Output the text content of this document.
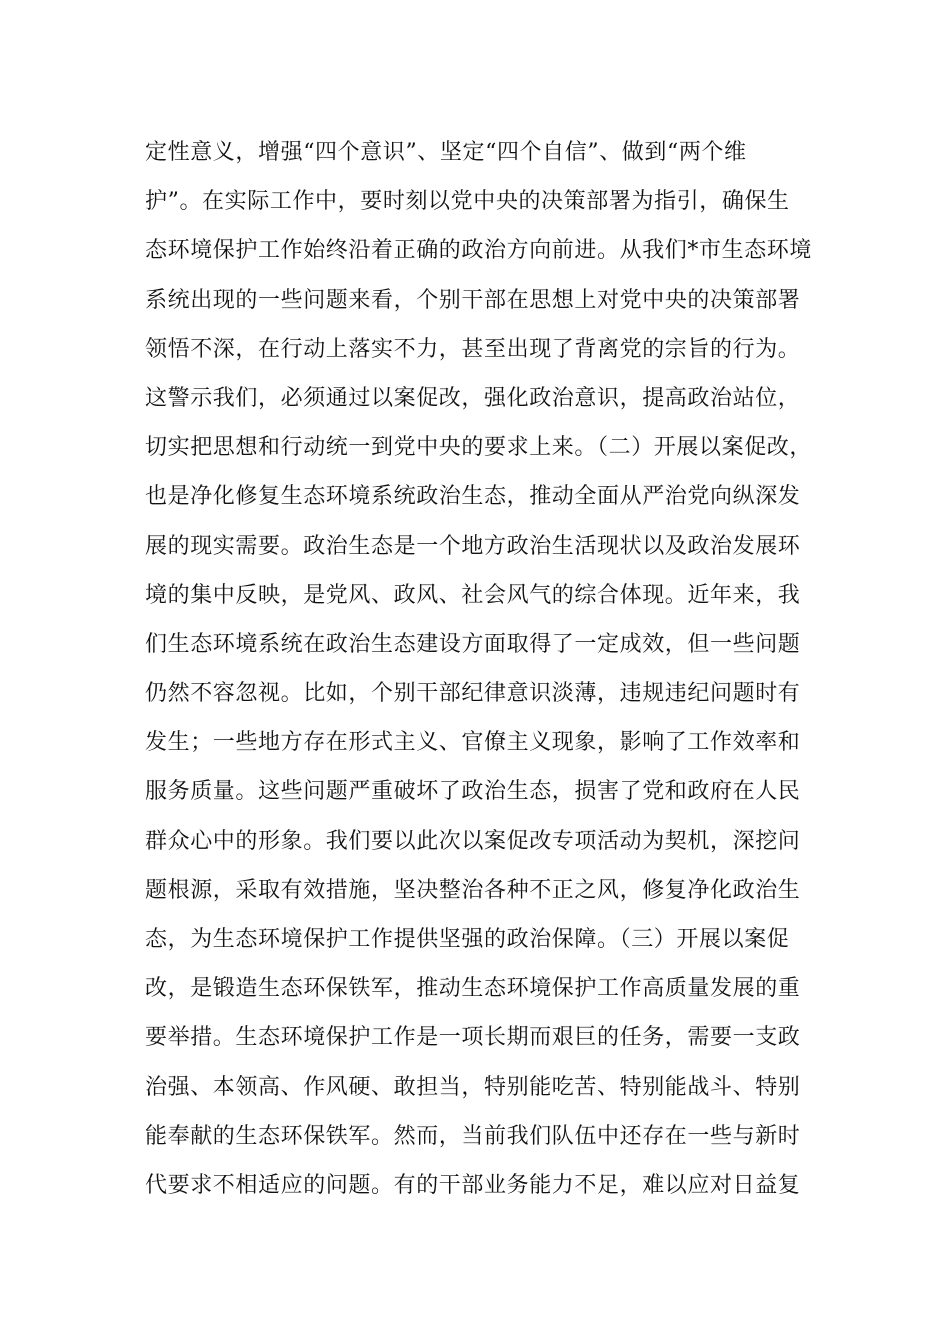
定性意义，增强“四个意识”、坚定“四个自信”、做到“两个维
护”。在实际工作中，要时刻以党中央的决策部署为指引，确保生
态环境保护工作始终沿着正确的政治方向前进。从我们*市生态环境
系统出现的一些问题来看，个别干部在思想上对党中央的决策部署
领悟不深，在行动上落实不力，甚至出现了背离党的宗旨的行为。
这警示我们，必须通过以案促改，强化政治意识，提高政治站位，
切实把思想和行动统一到党中央的要求上来。（二）开展以案促改，
也是净化修复生态环境系统政治生态，推动全面从严治党向纵深发
展的现实需要。政治生态是一个地方政治生活现状以及政治发展环
境的集中反映，是党风、政风、社会风气的综合体现。近年来，我
们生态环境系统在政治生态建设方面取得了一定成效，但一些问题
仍然不容忽视。比如，个别干部纪律意识淡薄，违规违纪问题时有
发生；一些地方存在形式主义、官僚主义现象，影响了工作效率和
服务质量。这些问题严重破坏了政治生态，损害了党和政府在人民
群众心中的形象。我们要以此次以案促改专项活动为契机，深挖问
题根源，采取有效措施，坚决整治各种不正之风，修复净化政治生
态，为生态环境保护工作提供坚强的政治保障。（三）开展以案促
改，是锻造生态环保铁军，推动生态环境保护工作高质量发展的重
要举措。生态环境保护工作是一项长期而艰巨的任务，需要一支政
治强、本领高、作风硬、敢担当，特别能吃苦、特别能战斗、特别
能奉献的生态环保铁军。然而，当前我们队伍中还存在一些与新时
代要求不相适应的问题。有的干部业务能力不足，难以应对日益复
